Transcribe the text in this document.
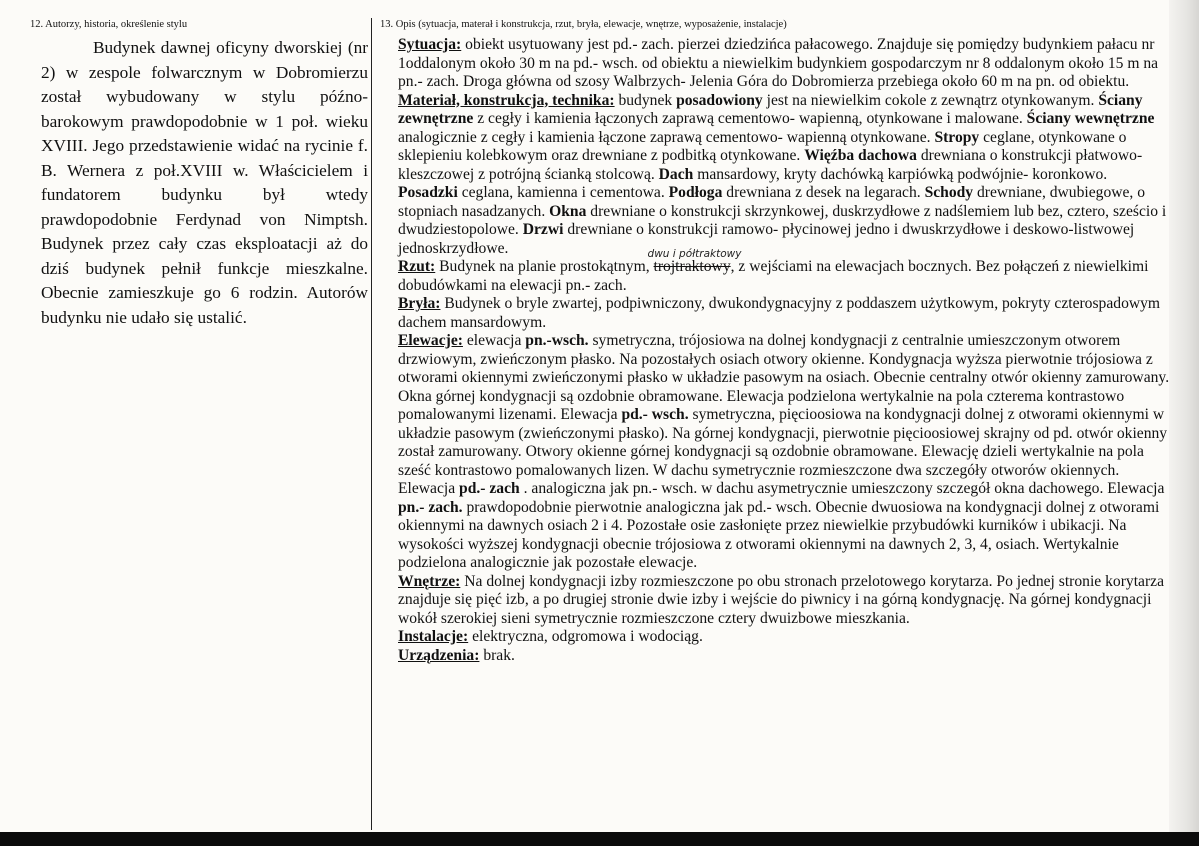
12. Autorzy, historia, określenie stylu

Budynek dawnej oficyny dworskiej (nr 2) w zespole folwarcznym w Dobromierzu został wybudowany w stylu późno- barokowym prawdopodobnie w 1 poł. wieku XVIII. Jego przedstawienie widać na rycinie f. B. Wernera z poł.XVIII w. Właścicielem i fundatorem budynku był wtedy prawdopodobnie Ferdynad von Nimptsh. Budynek przez cały czas eksploatacji aż do dziś budynek pełnił funkcje mieszkalne. Obecnie zamieszkuje go 6 rodzin. Autorów budynku nie udało się ustalić.

13. Opis (sytuacja, materał i konstrukcja, rzut, bryła, elewacje, wnętrze, wyposażenie, instalacje)

Sytuacja: obiekt usytuowany jest pd.- zach. pierzei dziedzińca pałacowego. Znajduje się pomiędzy budynkiem pałacu nr 1oddalonym około 30 m na pd.- wsch. od obiektu a niewielkim budynkiem gospodarczym nr 8 oddalonym około 15 m na pn.- zach. Droga główna od szosy Walbrzych- Jelenia Góra do Dobromierza przebiega około 60 m na pn. od obiektu.

Materiał, konstrukcja, technika: budynek posadowiony jest na niewielkim cokole z zewnątrz otynkowanym. Ściany zewnętrzne z cegły i kamienia łączonych zaprawą cementowo- wapienną, otynkowane i malowane. Ściany wewnętrzne analogicznie z cegły i kamienia łączone zaprawą cementowo- wapienną otynkowane. Stropy ceglane, otynkowane o sklepieniu kolebkowym oraz drewniane z podbitką otynkowane. Więźba dachowa drewniana o konstrukcji płatwowo- kleszczowej z potrójną ścianką stolcową. Dach mansardowy, kryty dachówką karpiówką podwójnie- koronkowo. Posadzki ceglana, kamienna i cementowa. Podłoga drewniana z desek na legarach. Schody drewniane, dwubiegowe, o stopniach nasadzanych. Okna drewniane o konstrukcji skrzynkowej, duskrzydłowe z nadślemiem lub bez, cztero, sześcio i dwudziestopolowe. Drzwi drewniane o konstrukcji ramowo- płycinowej jedno i dwuskrzydłowe i deskowo-listwowej jednoskrzydłowe.

Rzut: Budynek na planie prostokątnym, trojtraktowy
dwu i półtraktowy
, z wejściami na elewacjach bocznych. Bez połączeń z niewielkimi dobudówkami na elewacji pn.- zach.

Bryła: Budynek o bryle zwartej, podpiwniczony, dwukondygnacyjny z poddaszem użytkowym, pokryty czterospadowym dachem mansardowym.

Elewacje: elewacja pn.-wsch. symetryczna, trójosiowa na dolnej kondygnacji z centralnie umieszczonym otworem drzwiowym, zwieńczonym płasko. Na pozostałych osiach otwory okienne. Kondygnacja wyższa pierwotnie trójosiowa z otworami okiennymi zwieńczonymi płasko w układzie pasowym na osiach. Obecnie centralny otwór okienny zamurowany. Okna górnej kondygnacji są ozdobnie obramowane. Elewacja podzielona wertykalnie na pola czterema kontrastowo pomalowanymi lizenami. Elewacja pd.- wsch. symetryczna, pięcioosiowa na kondygnacji dolnej z otworami okiennymi w układzie pasowym (zwieńczonymi płasko). Na górnej kondygnacji, pierwotnie pięcioosiowej skrajny od pd. otwór okienny został zamurowany. Otwory okienne górnej kondygnacji są ozdobnie obramowane. Elewację dzieli wertykalnie na pola sześć kontrastowo pomalowanych lizen. W dachu symetrycznie rozmieszczone dwa szczegóły otworów okiennych. Elewacja pd.- zach . analogiczna jak pn.- wsch. w dachu asymetrycznie umieszczony szczegół okna dachowego. Elewacja pn.- zach. prawdopodobnie pierwotnie analogiczna jak pd.- wsch. Obecnie dwuosiowa na kondygnacji dolnej z otworami okiennymi na dawnych osiach 2 i 4. Pozostałe osie zasłonięte przez niewielkie przybudówki kurników i ubikacji. Na wysokości wyższej kondygnacji obecnie trójosiowa z otworami okiennymi na dawnych 2, 3, 4, osiach. Wertykalnie podzielona analogicznie jak pozostałe elewacje.

Wnętrze: Na dolnej kondygnacji izby rozmieszczone po obu stronach przelotowego korytarza. Po jednej stronie korytarza znajduje się pięć izb, a po drugiej stronie dwie izby i wejście do piwnicy i na górną kondygnację. Na górnej kondygnacji wokół szerokiej sieni symetrycznie rozmieszczone cztery dwuizbowe mieszkania.

Instalacje: elektryczna, odgromowa i wodociąg.

Urządzenia: brak.
